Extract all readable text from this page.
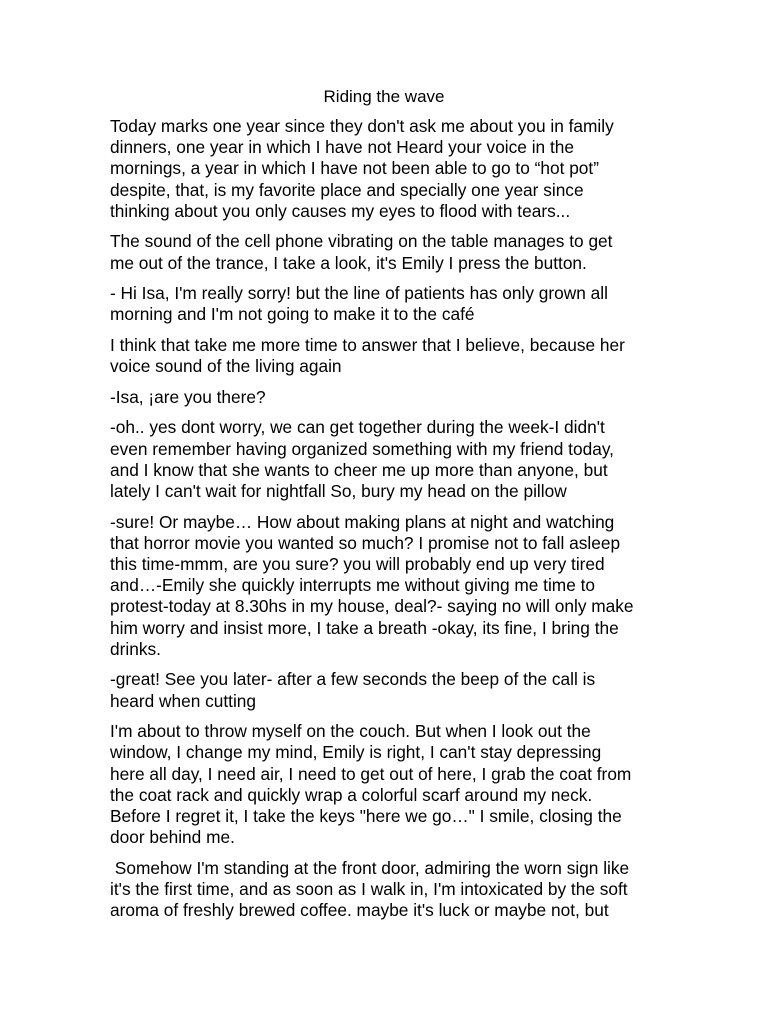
Riding the wave

Today marks one year since they don't ask me about you in family
dinners, one year in which I have not Heard your voice in the
mornings, a year in which I have not been able to go to “hot pot”
despite, that, is my favorite place and specially one year since
thinking about you only causes my eyes to flood with tears...

The sound of the cell phone vibrating on the table manages to get
me out of the trance, I take a look, it's Emily I press the button.

- Hi Isa, I'm really sorry! but the line of patients has only grown all
morning and I'm not going to make it to the café

I think that take me more time to answer that I believe, because her
voice sound of the living again

-Isa, ¡are you there?

-oh.. yes dont worry, we can get together during the week-I didn't
even remember having organized something with my friend today,
and I know that she wants to cheer me up more than anyone, but
lately I can't wait for nightfall So, bury my head on the pillow

-sure! Or maybe… How about making plans at night and watching
that horror movie you wanted so much? I promise not to fall asleep
this time-mmm, are you sure? you will probably end up very tired
and…-Emily she quickly interrupts me without giving me time to
protest-today at 8.30hs in my house, deal?- saying no will only make
him worry and insist more, I take a breath -okay, its fine, I bring the
drinks.

-great! See you later- after a few seconds the beep of the call is
heard when cutting

I'm about to throw myself on the couch. But when I look out the
window, I change my mind, Emily is right, I can't stay depressing
here all day, I need air, I need to get out of here, I grab the coat from
the coat rack and quickly wrap a colorful scarf around my neck.
Before I regret it, I take the keys "here we go…" I smile, closing the
door behind me.

Somehow I'm standing at the front door, admiring the worn sign like
it's the first time, and as soon as I walk in, I'm intoxicated by the soft
aroma of freshly brewed coffee. maybe it's luck or maybe not, but
